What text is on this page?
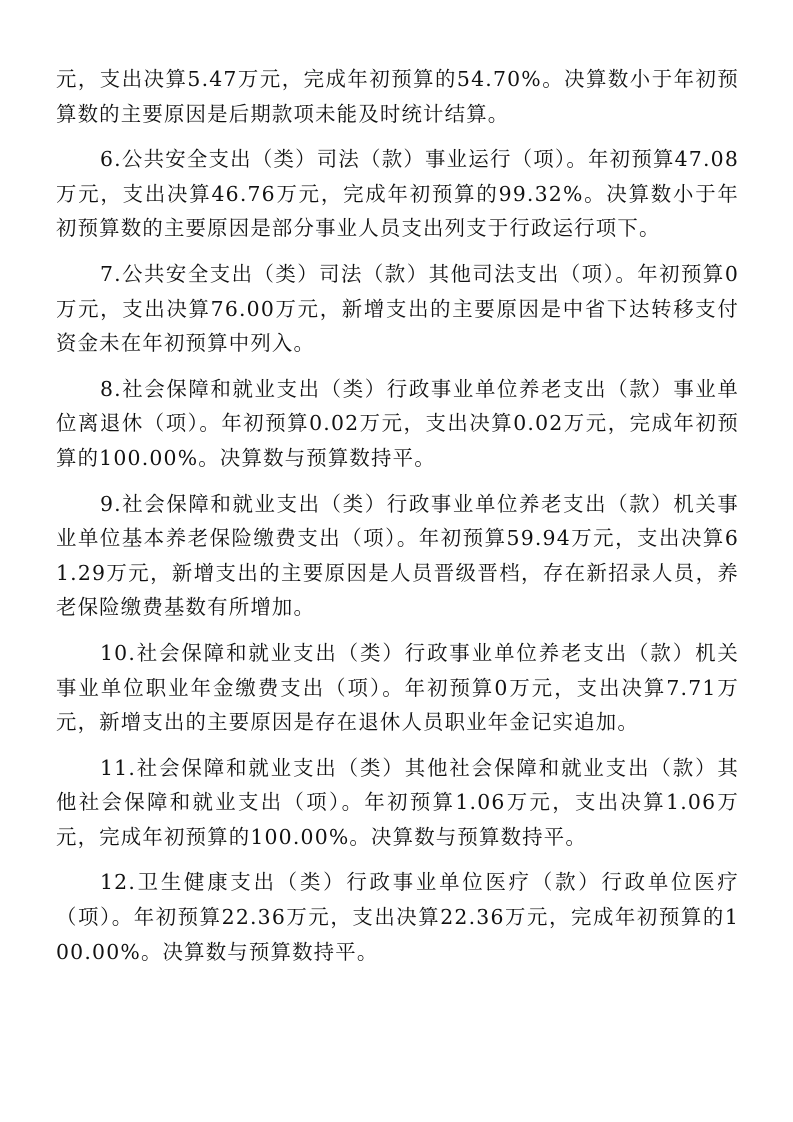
元，支出决算5.47万元，完成年初预算的54.70%。决算数小于年初预算数的主要原因是后期款项未能及时统计结算。

6.公共安全支出（类）司法（款）事业运行（项）。年初预算47.08万元，支出决算46.76万元，完成年初预算的99.32%。决算数小于年初预算数的主要原因是部分事业人员支出列支于行政运行项下。

7.公共安全支出（类）司法（款）其他司法支出（项）。年初预算0万元，支出决算76.00万元，新增支出的主要原因是中省下达转移支付资金未在年初预算中列入。

8.社会保障和就业支出（类）行政事业单位养老支出（款）事业单位离退休（项）。年初预算0.02万元，支出决算0.02万元，完成年初预算的100.00%。决算数与预算数持平。

9.社会保障和就业支出（类）行政事业单位养老支出（款）机关事业单位基本养老保险缴费支出（项）。年初预算59.94万元，支出决算61.29万元，新增支出的主要原因是人员晋级晋档，存在新招录人员，养老保险缴费基数有所增加。

10.社会保障和就业支出（类）行政事业单位养老支出（款）机关事业单位职业年金缴费支出（项）。年初预算0万元，支出决算7.71万元，新增支出的主要原因是存在退休人员职业年金记实追加。

11.社会保障和就业支出（类）其他社会保障和就业支出（款）其他社会保障和就业支出（项）。年初预算1.06万元，支出决算1.06万元，完成年初预算的100.00%。决算数与预算数持平。

12.卫生健康支出（类）行政事业单位医疗（款）行政单位医疗（项）。年初预算22.36万元，支出决算22.36万元，完成年初预算的100.00%。决算数与预算数持平。
